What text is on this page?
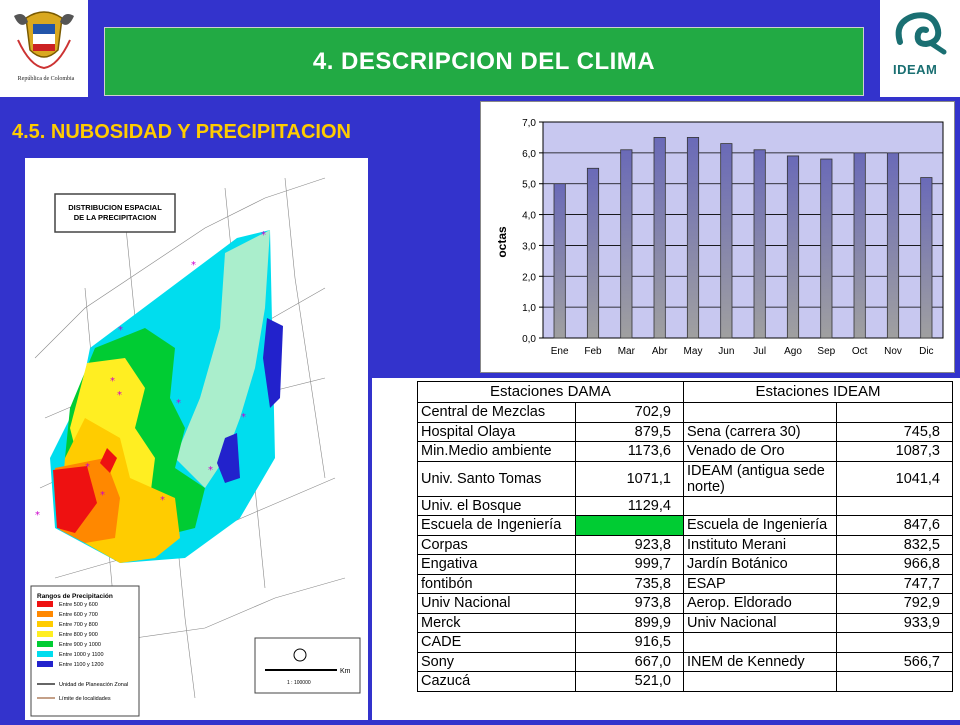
República de Colombia
IDEAM
4. DESCRIPCION DEL CLIMA
4.5. NUBOSIDAD Y PRECIPITACION
DISTRIBUCION ESPACIAL
DE LA PRECIPITACION
*
*
*
*
*
*
*
*
*
*	*
*
Rangos de Precipitación
Entre 500 y 600
Entre 600 y 700
Entre 700 y 800
Entre 800 y 900
Entre 900 y 1000
Entre 1000 y 1100
Entre 1100 y 1200
Unidad de Planeación Zonal
Límite de localidades
Km
1 : 100000
octas
0,0
1,0
2,0
3,0
4,0
5,0
6,0
7,0
Ene Feb Mar Abr May Jun Jul Ago Sep Oct Nov Dic
Estaciones DAMA		Estaciones IDEAM	
Central de Mezclas	702,9		
Hospital Olaya	879,5	Sena (carrera 30)	745,8
Min.Medio ambiente	1173,6	Venado de Oro	1087,3
Univ. Santo Tomas	1071,1	IDEAM (antigua sede norte)	1041,4
Univ. el Bosque	1129,4		
Escuela de Ingeniería		Escuela de Ingeniería	847,6
Corpas	923,8	Instituto Merani	832,5
Engativa	999,7	Jardín Botánico	966,8
fontibón	735,8	ESAP	747,7
Univ Nacional	973,8	Aerop. Eldorado	792,9
Merck	899,9	Univ Nacional	933,9
CADE	916,5		
Sony	667,0	INEM de Kennedy	566,7
Cazucá	521,0		
